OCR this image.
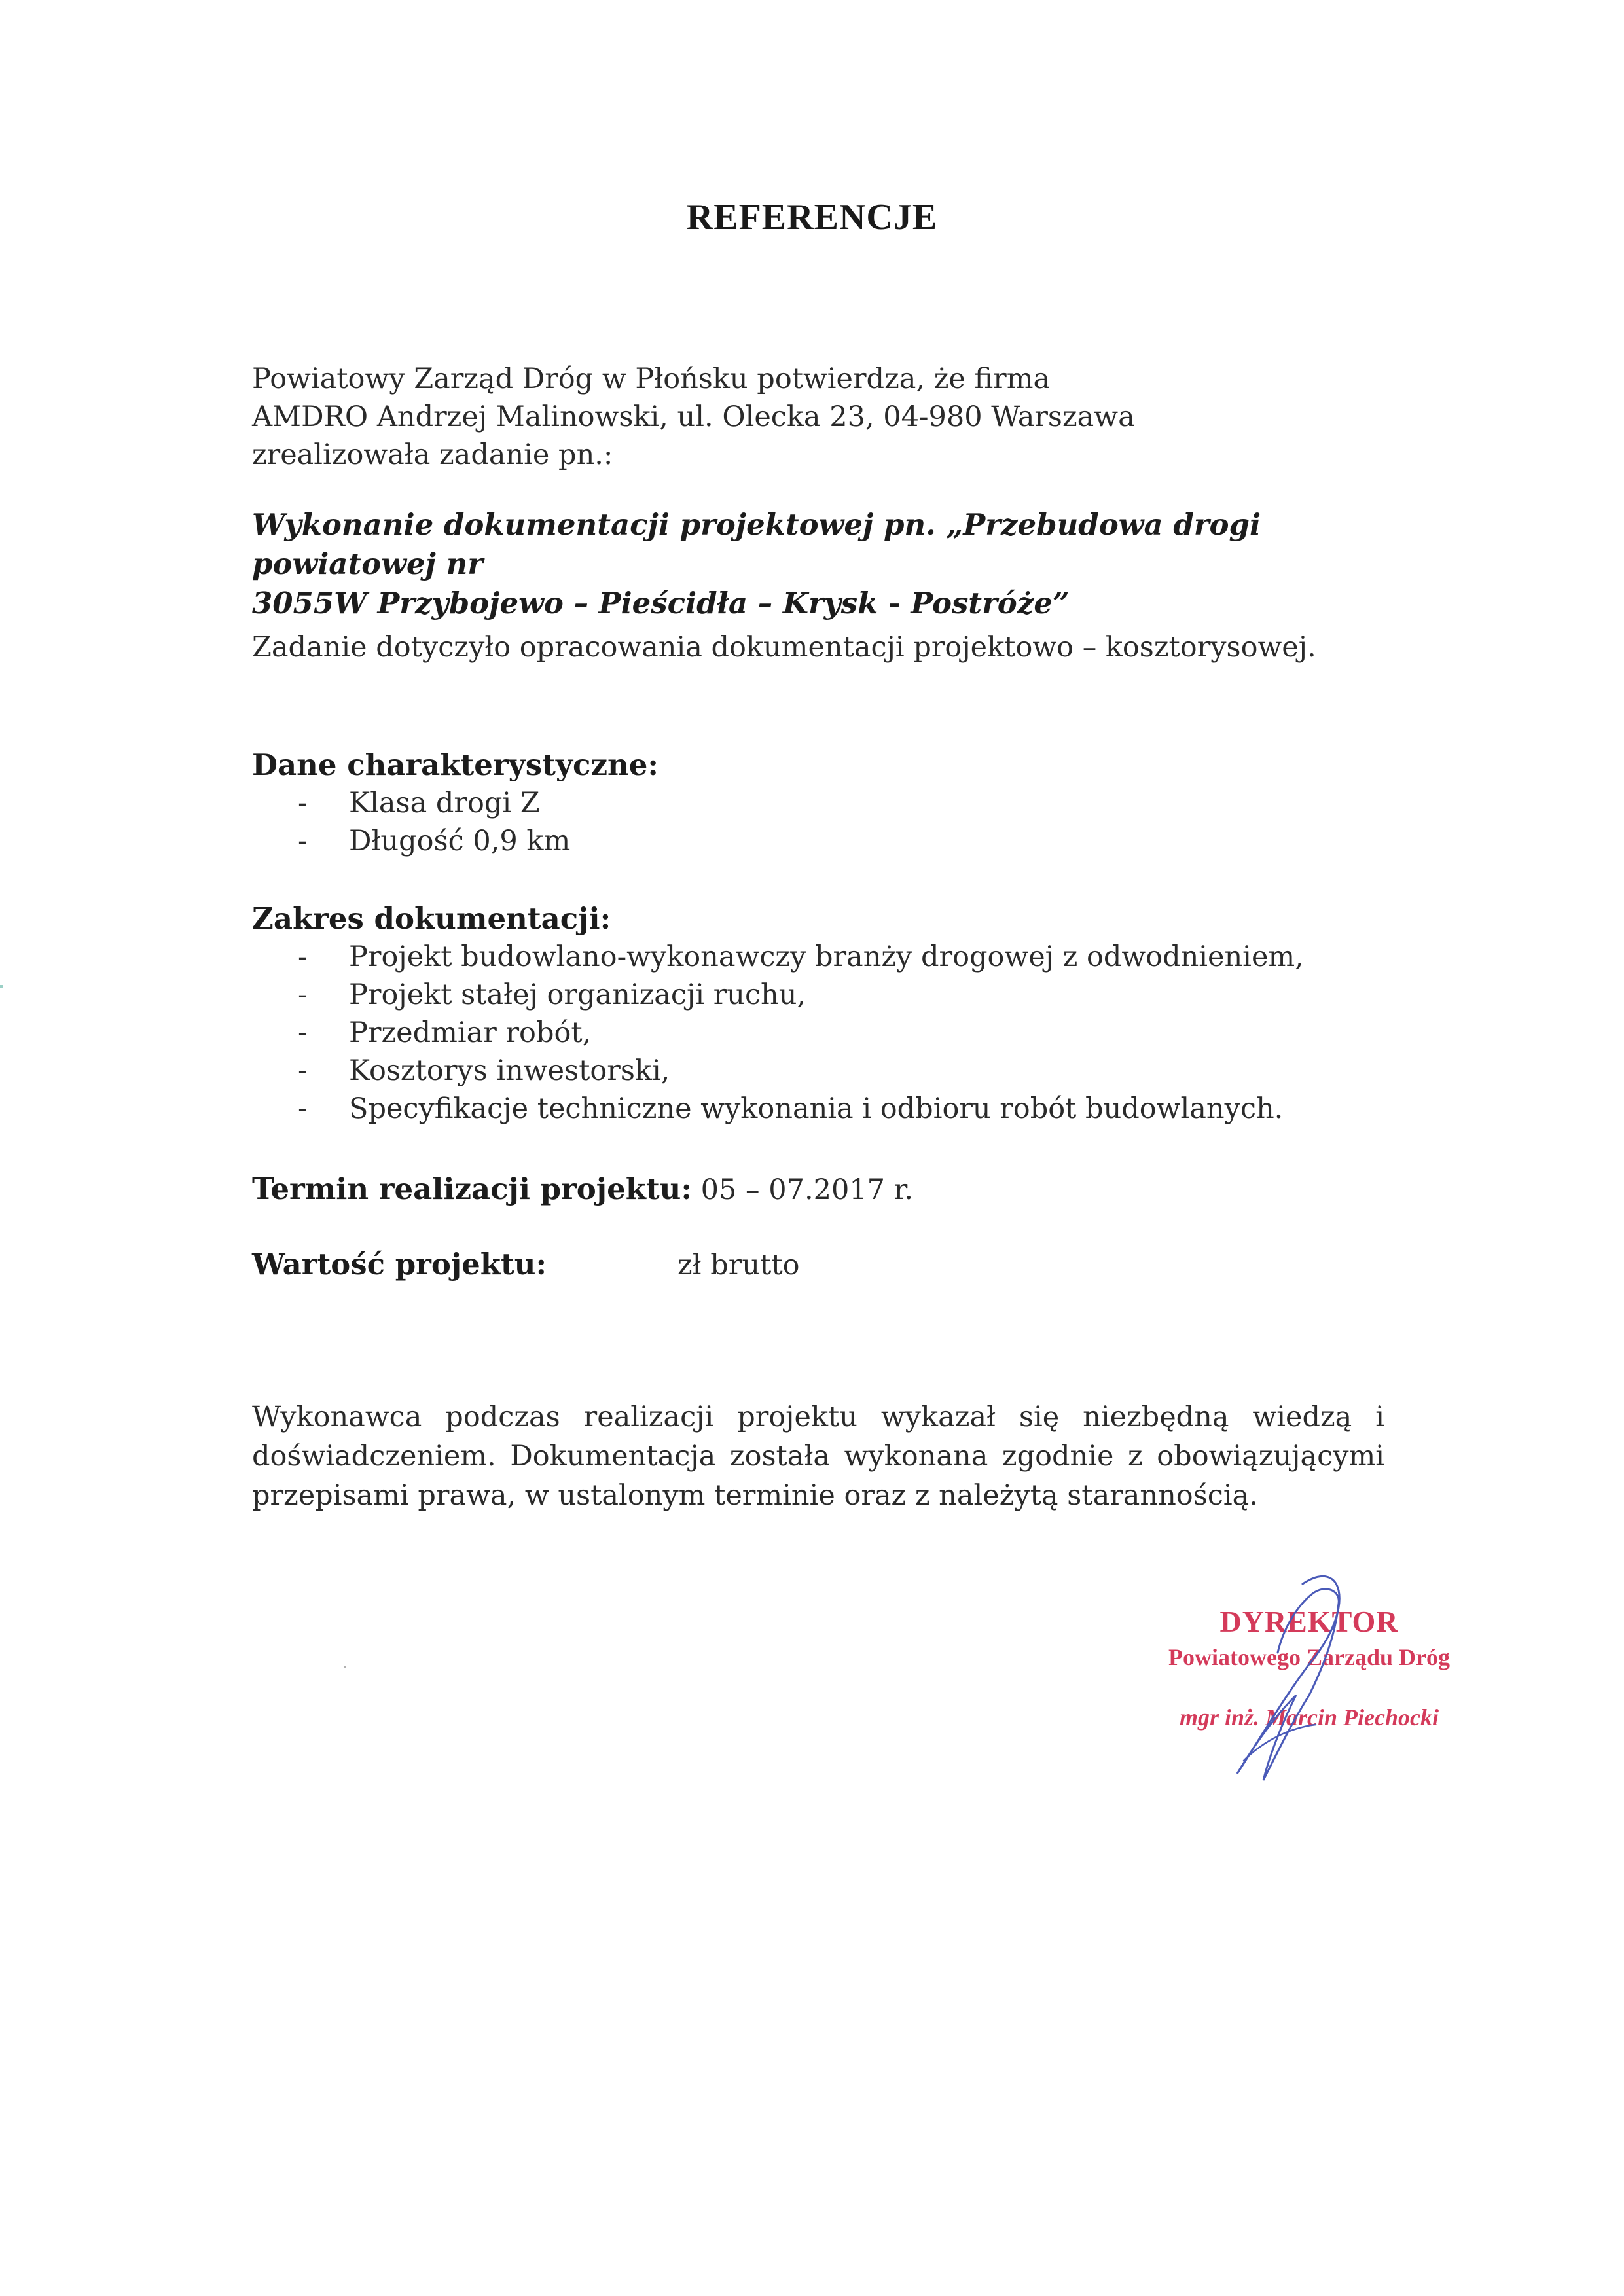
REFERENCJE
Powiatowy Zarząd Dróg w Płońsku potwierdza, że firma
AMDRO Andrzej Malinowski, ul. Olecka 23, 04-980 Warszawa
zrealizowała zadanie pn.:
Wykonanie dokumentacji projektowej pn. „Przebudowa drogi powiatowej nr
3055W Przybojewo – Pieścidła – Krysk - Postróże”
Zadanie dotyczyło opracowania dokumentacji projektowo – kosztorysowej.
Dane charakterystyczne:
- Klasa drogi Z
- Długość 0,9 km
Zakres dokumentacji:
- Projekt budowlano-wykonawczy branży drogowej z odwodnieniem,
- Projekt stałej organizacji ruchu,
- Przedmiar robót,
- Kosztorys inwestorski,
- Specyfikacje techniczne wykonania i odbioru robót budowlanych.
Termin realizacji projektu: 05 – 07.2017 r.
Wartość projektu:	zł brutto
Wykonawca podczas realizacji projektu wykazał się niezbędną wiedzą i doświadczeniem. Dokumentacja została wykonana zgodnie z obowiązującymi przepisami prawa, w ustalonym terminie oraz z należytą starannością.
DYREKTOR
Powiatowego Zarządu Dróg
mgr inż. Marcin Piechocki
